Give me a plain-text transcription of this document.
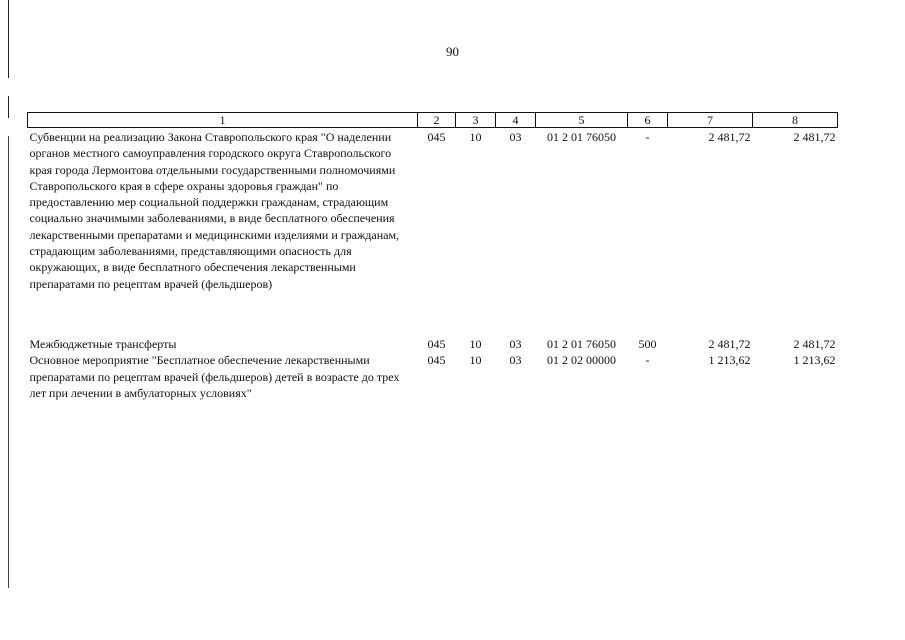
90
1	2	3	4	5	6	7	8
Субвенции на реализацию Закона Ставропольского края "О наделении органов местного самоуправления городского округа Ставропольского края города Лермонтова отдельными государственными полномочиями Ставропольского края в сфере охраны здоровья граждан" по предоставлению мер социальной поддержки гражданам, страдающим социально значимыми заболеваниями, в виде бесплатного обеспечения лекарственными препаратами и медицинскими изделиями и гражданам, страдающим заболеваниями, представляющими опасность для окружающих, в виде бесплатного обеспечения лекарственными препаратами по рецептам врачей (фельдшеров)	045	10	03	01 2 01 76050	-	2 481,72	2 481,72

Межбюджетные трансферты	045	10	03	01 2 01 76050	500	2 481,72	2 481,72
Основное мероприятие "Бесплатное обеспечение лекарственными препаратами по рецептам врачей (фельдшеров) детей в возрасте до трех лет при лечении в амбулаторных условиях"	045	10	03	01 2 02 00000	-	1 213,62	1 213,62
